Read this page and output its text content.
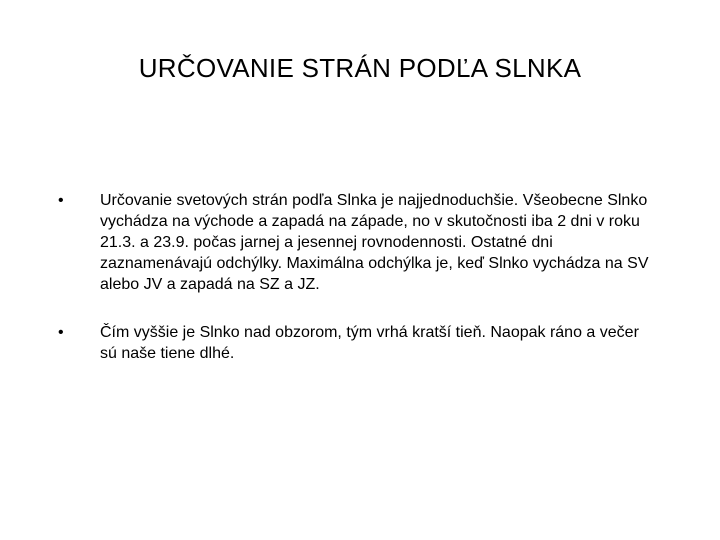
URČOVANIE STRÁN PODĽA SLNKA
• Určovanie svetových strán podľa Slnka je najjednoduchšie. Všeobecne Slnko vychádza na východe a zapadá na západe, no v skutočnosti iba 2 dni v roku 21.3. a 23.9. počas jarnej a jesennej rovnodennosti. Ostatné dni zaznamenávajú odchýlky. Maximálna odchýlka je, keď Slnko vychádza na SV alebo JV a zapadá na SZ a JZ.
• Čím vyššie je Slnko nad obzorom, tým vrhá kratší tieň. Naopak ráno a večer sú naše tiene dlhé.
